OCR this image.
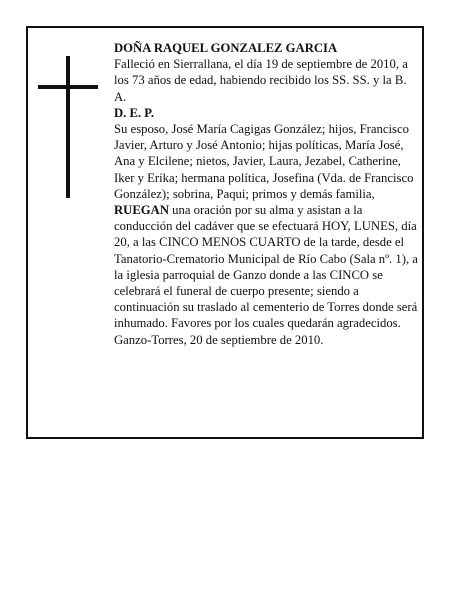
DOÑA RAQUEL GONZALEZ GARCIA

Falleció en Sierrallana, el día 19 de septiembre de 2010, a los 73 años de edad, habiendo recibido los SS. SS. y la B. A.

D. E. P.

Su esposo, José María Cagigas González; hijos, Francisco Javier, Arturo y José Antonio; hijas políticas, María José, Ana y Elcilene; nietos, Javier, Laura, Jezabel, Catherine, Iker y Erika; hermana política, Josefina (Vda. de Francisco González); sobrina, Paqui; primos y demás familia,

RUEGAN una oración por su alma y asistan a la conducción del cadáver que se efectuará HOY, LUNES, día 20, a las CINCO MENOS CUARTO de la tarde, desde el Tanatorio-Crematorio Municipal de Río Cabo (Sala nº. 1), a la iglesia parroquial de Ganzo donde a las CINCO se celebrará el funeral de cuerpo presente; siendo a continuación su traslado al cementerio de Torres donde será inhumado. Favores por los cuales quedarán agradecidos.

Ganzo-Torres, 20 de septiembre de 2010.
